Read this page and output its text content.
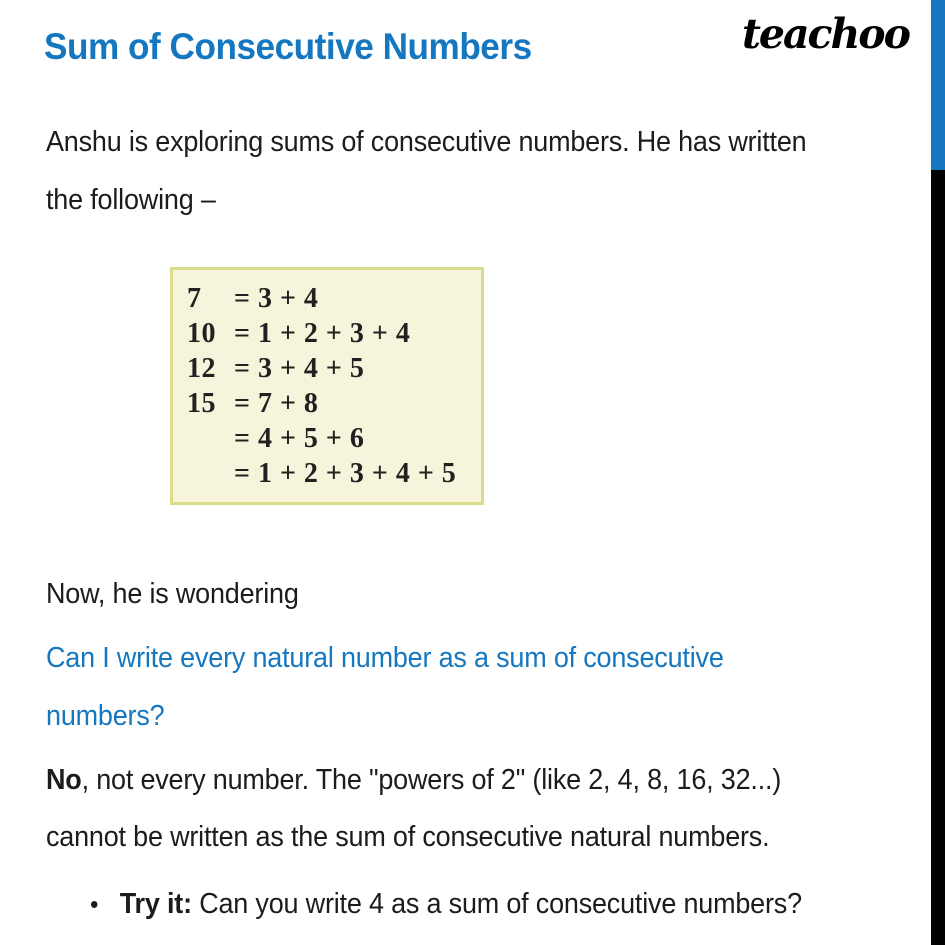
Sum of Consecutive Numbers	teachoo
Anshu is exploring sums of consecutive numbers. He has written
the following –
7	= 3 + 4
10 = 1 + 2 + 3 + 4
12 = 3 + 4 + 5
15 = 7 + 8
= 4 + 5 + 6
= 1 + 2 + 3 + 4 + 5
Now, he is wondering
Can I write every natural number as a sum of consecutive
numbers?
No, not every number. The "powers of 2" (like 2, 4, 8, 16, 32...)
cannot be written as the sum of consecutive natural numbers.
• Try it: Can you write 4 as a sum of consecutive numbers?
